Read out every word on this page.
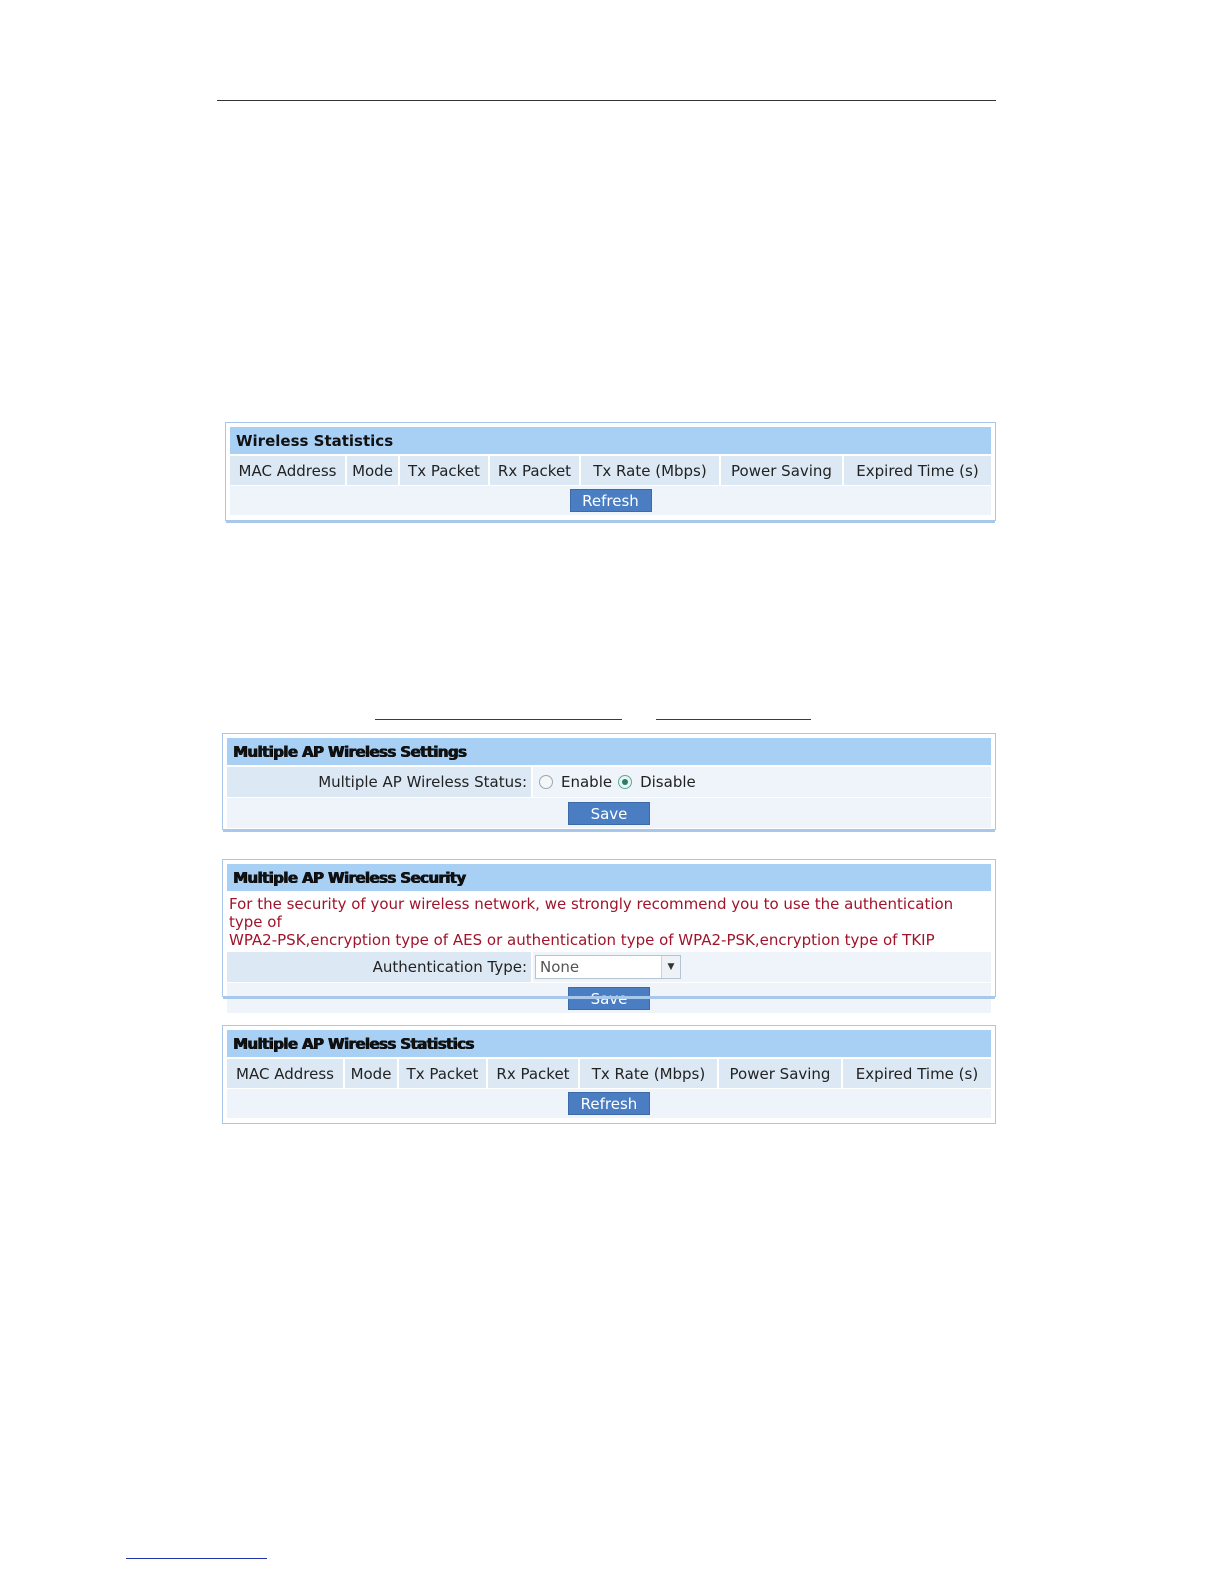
Wireless Statistics
MAC Address	Mode	Tx Packet	Rx Packet	Tx Rate (Mbps)	Power Saving	Expired Time (s)
Refresh
Multiple AP Wireless Settings
Multiple AP Wireless Status:	Enable Disable
Save
Multiple AP Wireless Security
For the security of your wireless network, we strongly recommend you to use the authentication type of
WPA2-PSK,encryption type of AES or authentication type of WPA2-PSK,encryption type of TKIP
Authentication Type: None	▼
Multiple AP Wireless Statistics
MAC Address	Mode	Tx Packet	Rx Packet	Tx Rate (Mbps)	Power Saving	Expired Time (s)
Refresh
